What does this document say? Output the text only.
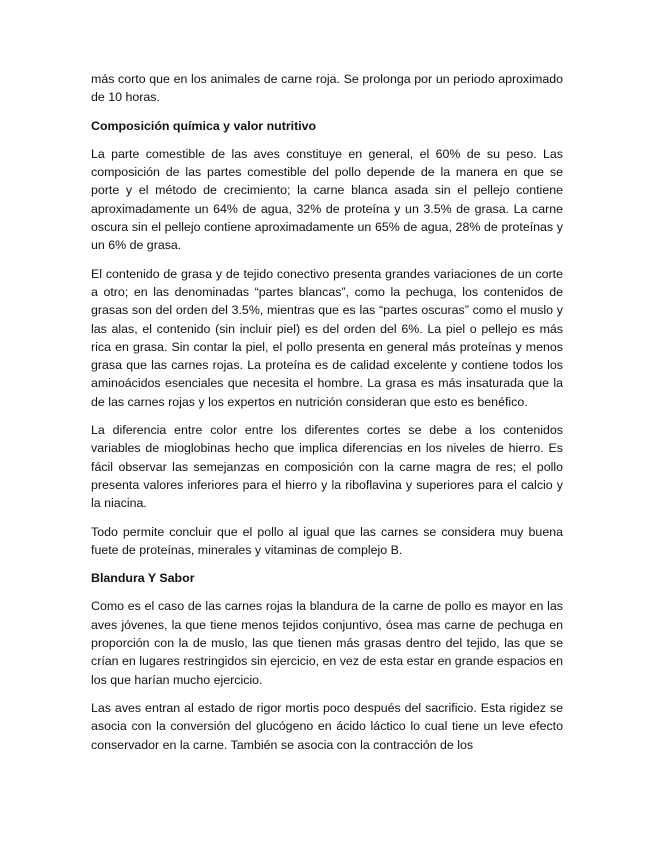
más corto que en los animales de carne roja. Se prolonga por un periodo aproximado de 10 horas.

Composición química y valor nutritivo

La parte comestible de las aves constituye en general, el 60% de su peso. Las composición de las partes comestible del pollo depende de la manera en que se porte y el método de crecimiento; la carne blanca asada sin el pellejo contiene aproximadamente un 64% de agua, 32% de proteína y un 3.5% de grasa. La carne oscura sin el pellejo contiene aproximadamente un 65% de agua, 28% de proteínas y un 6% de grasa.

El contenido de grasa y de tejido conectivo presenta grandes variaciones de un corte a otro; en las denominadas “partes blancas”, como la pechuga, los contenidos de grasas son del orden del 3.5%, mientras que es las “partes oscuras” como el muslo y las alas, el contenido (sin incluir piel) es del orden del 6%. La piel o pellejo es más rica en grasa. Sin contar la piel, el pollo presenta en general más proteínas y menos grasa que las carnes rojas. La proteína es de calidad excelente y contiene todos los aminoácidos esenciales que necesita el hombre. La grasa es más insaturada que la de las carnes rojas y los expertos en nutrición consideran que esto es benéfico.

La diferencia entre color entre los diferentes cortes se debe a los contenidos variables de mioglobinas hecho que implica diferencias en los niveles de hierro. Es fácil observar las semejanzas en composición con la carne magra de res; el pollo presenta valores inferiores para el hierro y la riboflavina y superiores para el calcio y la niacina.

Todo permite concluir que el pollo al igual que las carnes se considera muy buena fuete de proteínas, minerales y vitaminas de complejo B.

Blandura Y Sabor

Como es el caso de las carnes rojas la blandura de la carne de pollo es mayor en las aves jóvenes, la que tiene menos tejidos conjuntivo, ósea mas carne de pechuga en proporción con la de muslo, las que tienen más grasas dentro del tejido, las que se crían en lugares restringidos sin ejercicio, en vez de esta estar en grande espacios en los que harían mucho ejercicio.

Las aves entran al estado de rigor mortis poco después del sacrificio. Esta rigidez se asocia con la conversión del glucógeno en ácido láctico lo cual tiene un leve efecto conservador en la carne. También se asocia con la contracción de los
